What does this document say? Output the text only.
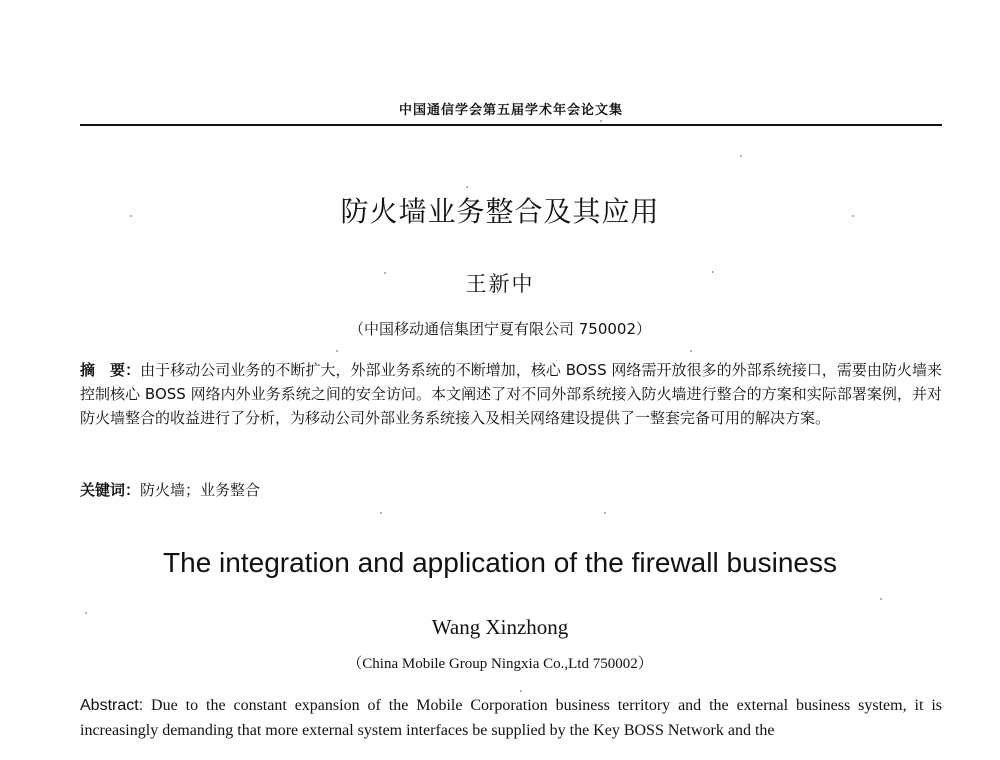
中国通信学会第五届学术年会论文集
防火墙业务整合及其应用
王新中
（中国移动通信集团宁夏有限公司 750002）

摘　要：由于移动公司业务的不断扩大，外部业务系统的不断增加，核心 BOSS 网络需开放很多的外部系统接口，需要由防火墙来控制核心 BOSS 网络内外业务系统之间的安全访问。本文阐述了对不同外部系统接入防火墙进行整合的方案和实际部署案例，并对防火墙整合的收益进行了分析，为移动公司外部业务系统接入及相关网络建设提供了一整套完备可用的解决方案。

关键词：防火墙；业务整合

The integration and application of the firewall business
Wang Xinzhong
（China Mobile Group Ningxia Co.,Ltd 750002）

Abstract: Due to the constant expansion of the Mobile Corporation business territory and the external business system, it is increasingly demanding that more external system interfaces be supplied by the Key BOSS Network and the
